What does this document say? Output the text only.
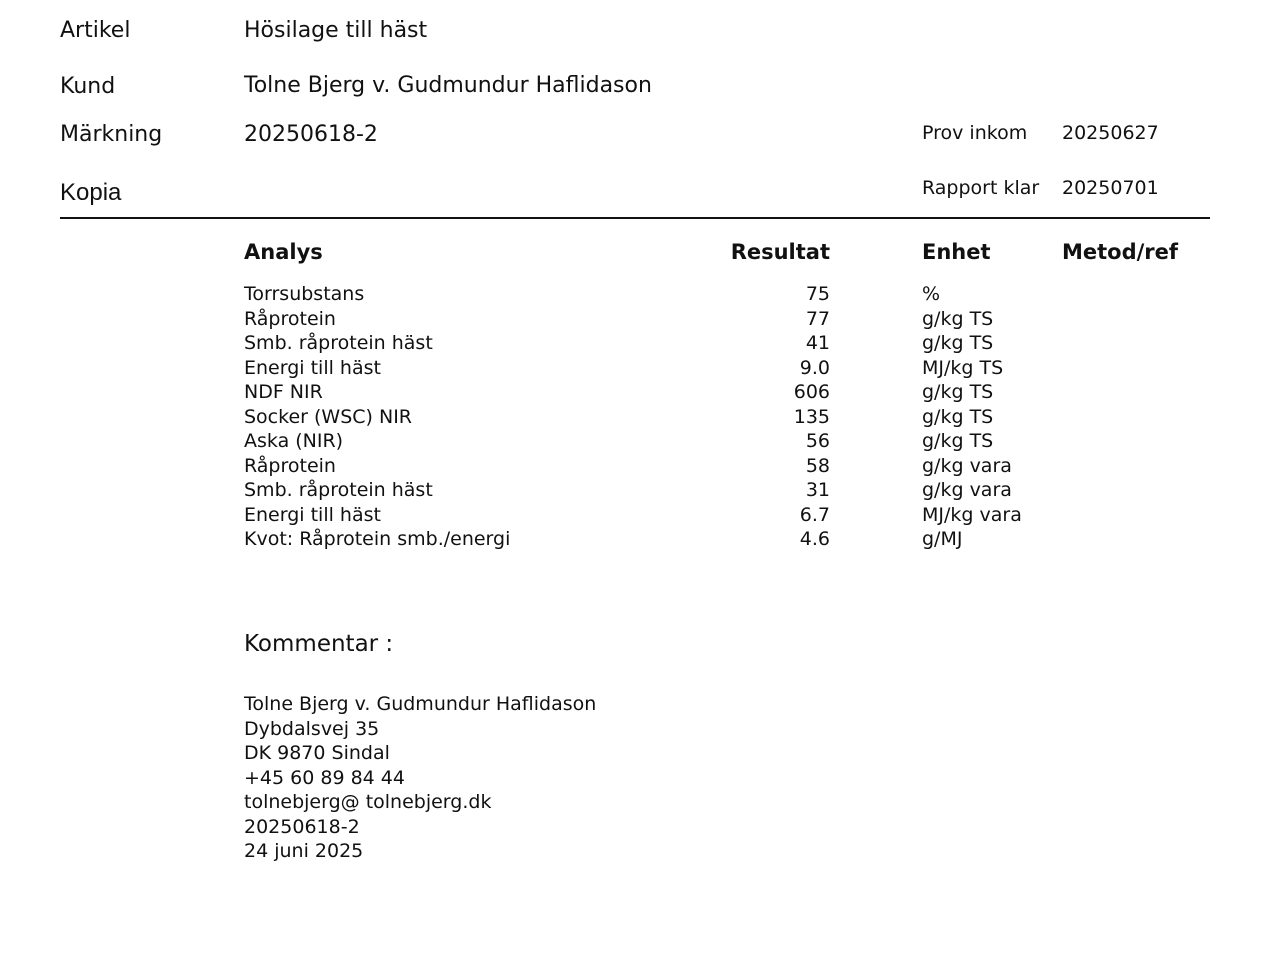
Artikel	Hösilage till häst
Kund	Tolne Bjerg v. Gudmundur Haflidason
Märkning	20250618-2	Prov inkom 20250627
Kopia	Rapport klar 20250701
Analys	Resultat	Enhet	Metod/ref
Torrsubstans	75	%
Råprotein	77	g/kg TS
Smb. råprotein häst	41	g/kg TS
Energi till häst	9.0	MJ/kg TS
NDF NIR	606	g/kg TS
Socker (WSC) NIR	135	g/kg TS
Aska (NIR)	56	g/kg TS
Råprotein	58	g/kg vara
Smb. råprotein häst	31	g/kg vara
Energi till häst	6.7	MJ/kg vara
Kvot: Råprotein smb./energi	4.6	g/MJ
Kommentar :
Tolne Bjerg v. Gudmundur Haflidason
Dybdalsvej 35
DK 9870 Sindal
+45 60 89 84 44
tolnebjerg@ tolnebjerg.dk
20250618-2
24 juni 2025
